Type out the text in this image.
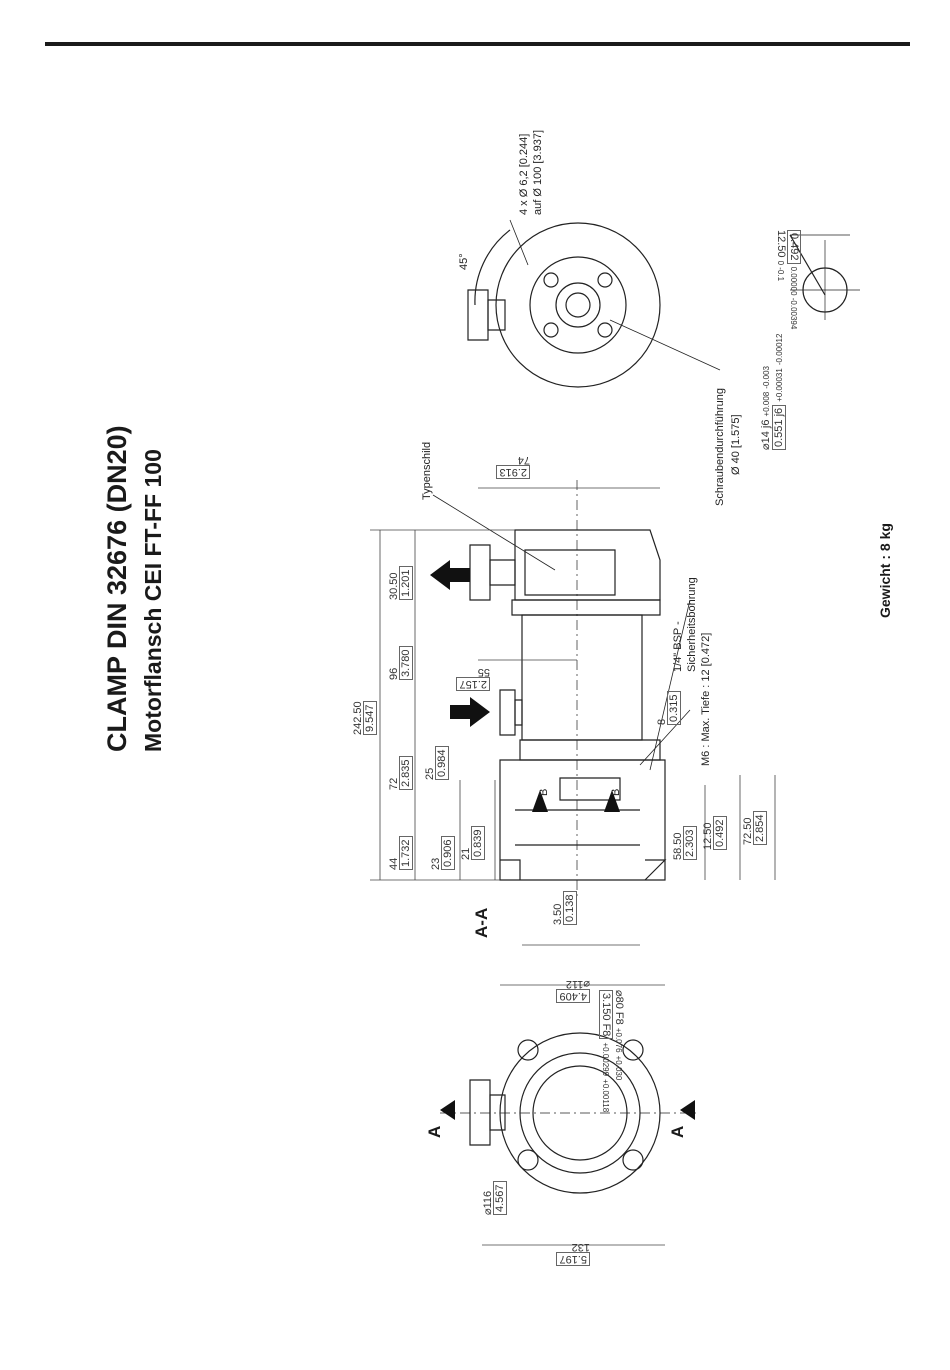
CLAMP DIN 32676 (DN20) Motorflansch CEI FT-FF 100	Gewicht : 8 kg
A-A
A	A
Typenschild
1/4" BSP - Sicherheitsbohrung
M6 : Max. Tiefe : 12 [0.472]
Schraubendurchführung Ø 40 [1.575]
4 x Ø 6,2 [0.244] auf Ø 100 [3.937]
45°
B	B
242.50
9.547
30.50
1.201
96
3.780
72
2.835 25
0.984
44
1.732 23
0.906 21
0.839
8
0.315
58.50
2.303 12.50
0.492 72.50
2.854
2.913
74
2.157
55
3.50
0.138
⌀80 F8 +0.076 +0.030
3.150 F8 +0.00299 +0.00118
4.409
⌀112
⌀116
4.567
5.197
132
⌀14 j6 +0.008 -0.003
0.551 j6 +0.00031 -0.00012
0.492 0.00000 -0.00394
12.50 0 -0.1
